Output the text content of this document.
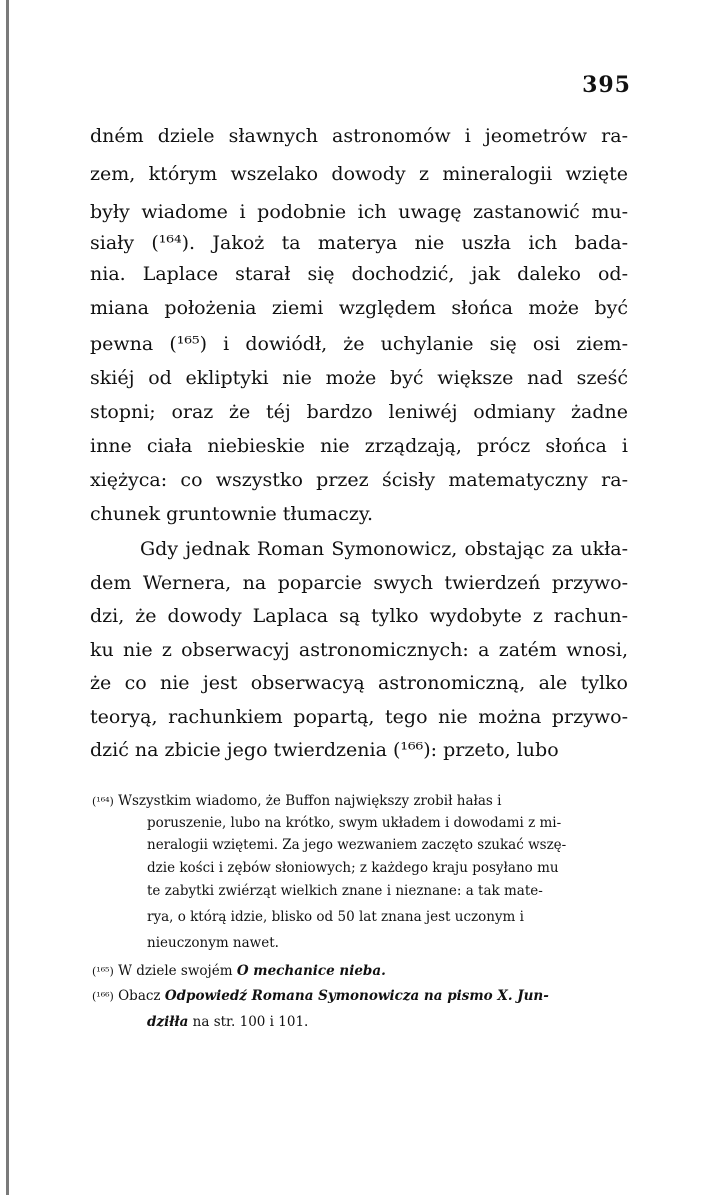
395
dném dziele sławnych astronomów i jeometrów ra-
zem, którym wszelako dowody z mineralogii wzięte
były wiadome i podobnie ich uwagę zastanowić mu-
siały (¹⁶⁴). Jakoż ta materya nie uszła ich bada-
nia. Laplace starał się dochodzić, jak daleko od-
miana położenia ziemi względem słońca może być
pewna (¹⁶⁵) i dowiódł, że uchylanie się osi ziem-
skiéj od ekliptyki nie może być większe nad sześć
stopni; oraz że téj bardzo leniwéj odmiany żadne
inne ciała niebieskie nie zrządzają, prócz słońca i
xiężyca: co wszystko przez ścisły matematyczny ra-
chunek gruntownie tłumaczy.
Gdy jednak Roman Symonowicz, obstając za ukła-
dem Wernera, na poparcie swych twierdzeń przywo-
dzi, że dowody Laplaca są tylko wydobyte z rachun-
ku nie z obserwacyj astronomicznych: a zatém wnosi,
że co nie jest obserwacyą astronomiczną, ale tylko
teoryą, rachunkiem popartą, tego nie można przywo-
dzić na zbicie jego twierdzenia (¹⁶⁶): przeto, lubo
(¹⁶⁴) Wszystkim wiadomo, że Buffon największy zrobił hałas i
poruszenie, lubo na krótko, swym układem i dowodami z mi-
neralogii wziętemi. Za jego wezwaniem zaczęto szukać wszę-
dzie kości i zębów słoniowych; z każdego kraju posyłano mu
te zabytki zwiérząt wielkich znane i nieznane: a tak mate-
rya, o którą idzie, blisko od 50 lat znana jest uczonym i
nieuczonym nawet.
(¹⁶⁵) W dziele swojém O mechanice nieba.
(¹⁶⁶) Obacz Odpowiedź Romana Symonowicza na pismo X. Jun-
dziłła na str. 100 i 101.
